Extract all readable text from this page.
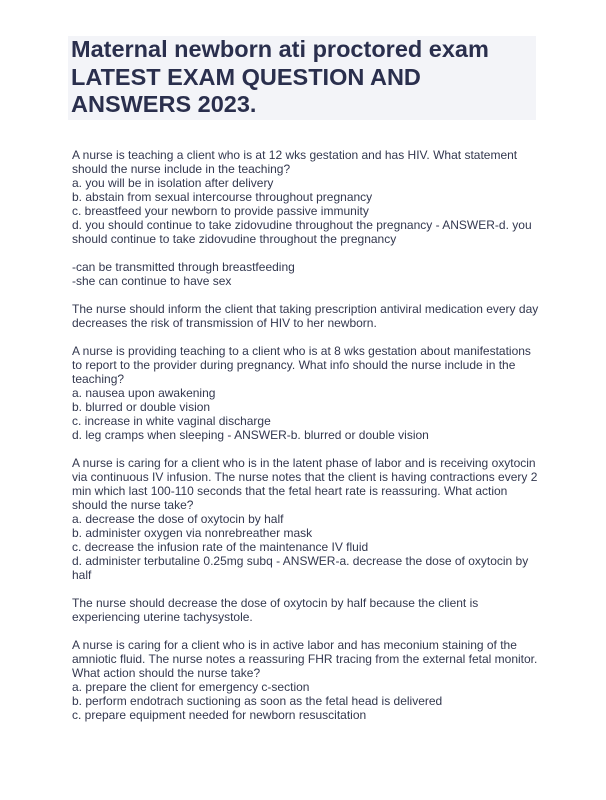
Maternal newborn ati proctored exam
LATEST EXAM QUESTION AND
ANSWERS 2023.
A nurse is teaching a client who is at 12 wks gestation and has HIV. What statement
should the nurse include in the teaching?
a. you will be in isolation after delivery
b. abstain from sexual intercourse throughout pregnancy
c. breastfeed your newborn to provide passive immunity
d. you should continue to take zidovudine throughout the pregnancy - ANSWER-d. you
should continue to take zidovudine throughout the pregnancy
-can be transmitted through breastfeeding
-she can continue to have sex
The nurse should inform the client that taking prescription antiviral medication every day
decreases the risk of transmission of HIV to her newborn.
A nurse is providing teaching to a client who is at 8 wks gestation about manifestations
to report to the provider during pregnancy. What info should the nurse include in the
teaching?
a. nausea upon awakening
b. blurred or double vision
c. increase in white vaginal discharge
d. leg cramps when sleeping - ANSWER-b. blurred or double vision
A nurse is caring for a client who is in the latent phase of labor and is receiving oxytocin
via continuous IV infusion. The nurse notes that the client is having contractions every 2
min which last 100-110 seconds that the fetal heart rate is reassuring. What action
should the nurse take?
a. decrease the dose of oxytocin by half
b. administer oxygen via nonrebreather mask
c. decrease the infusion rate of the maintenance IV fluid
d. administer terbutaline 0.25mg subq - ANSWER-a. decrease the dose of oxytocin by
half
The nurse should decrease the dose of oxytocin by half because the client is
experiencing uterine tachysystole.
A nurse is caring for a client who is in active labor and has meconium staining of the
amniotic fluid. The nurse notes a reassuring FHR tracing from the external fetal monitor.
What action should the nurse take?
a. prepare the client for emergency c-section
b. perform endotrach suctioning as soon as the fetal head is delivered
c. prepare equipment needed for newborn resuscitation
